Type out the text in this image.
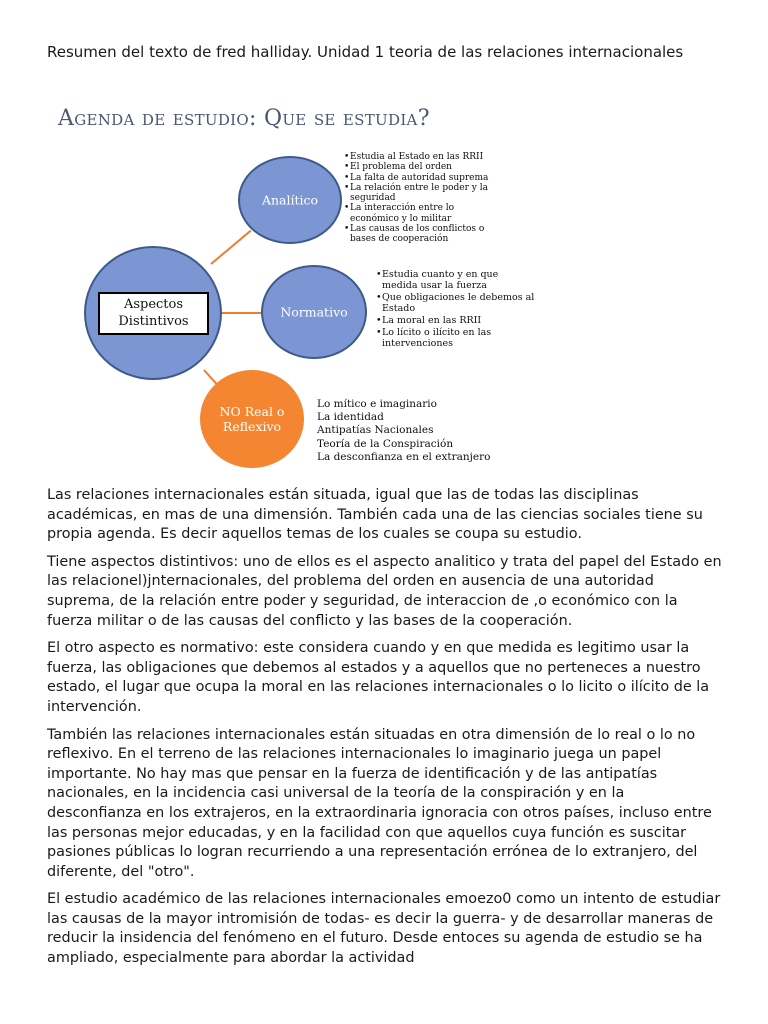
Resumen del texto de fred halliday. Unidad 1 teoria de las relaciones internacionales
Agenda de estudio: Que se estudia?
Aspectos Distintivos
Analítico
• Estudia al Estado en las RRII
• El problema del orden
• La falta de autoridad suprema
• La relación entre le poder y la seguridad
• La interacción entre lo económico y lo militar
• Las causas de los conflictos o bases de cooperación
Normativo
• Estudia cuanto y en que medida usar la fuerza
• Que obligaciones le debemos al Estado
• La moral en las RRII
• Lo lícito o ilícito en las intervenciones
NO Real o Reflexivo
Lo mítico e imaginario
La identidad
Antipatías Nacionales
Teoría de la Conspiración
La desconfianza en el extranjero

Las relaciones internacionales están situada, igual que las de todas las disciplinas académicas, en mas de una dimensión. También cada una de las ciencias sociales tiene su propia agenda. Es decir aquellos temas de los cuales se coupa su estudio.

Tiene aspectos distintivos: uno de ellos es el aspecto analitico y trata del papel del Estado en las relacionel)jnternacionales, del problema del orden en ausencia de una autoridad suprema, de la relación entre poder y seguridad, de interaccion de ,o económico con la fuerza militar o de las causas del conflicto y las bases de la cooperación.

El otro aspecto es normativo: este considera cuando y en que medida es legitimo usar la fuerza, las obligaciones que debemos al estados y a aquellos que no perteneces a nuestro estado, el lugar que ocupa la moral en las relaciones internacionales o lo licito o ilícito de la intervención.

También las relaciones internacionales están situadas en otra dimensión de lo real o lo no reflexivo. En el terreno de las relaciones internacionales lo imaginario juega un papel importante. No hay mas que pensar en la fuerza de identificación y de las antipatías nacionales, en la incidencia casi universal de la teoría de la conspiración y en la desconfianza en los extrajeros, en la extraordinaria ignoracia con otros países, incluso entre las personas mejor educadas, y en la facilidad con que aquellos cuya función es suscitar pasiones públicas lo logran recurriendo a una representación errónea de lo extranjero, del diferente, del "otro".

El estudio académico de las relaciones internacionales emoezo0 como un intento de estudiar las causas de la mayor intromisión de todas- es decir la guerra- y de desarrollar maneras de reducir la insidencia del fenómeno en el futuro. Desde entoces su agenda de estudio se ha ampliado, especialmente para abordar la actividad
